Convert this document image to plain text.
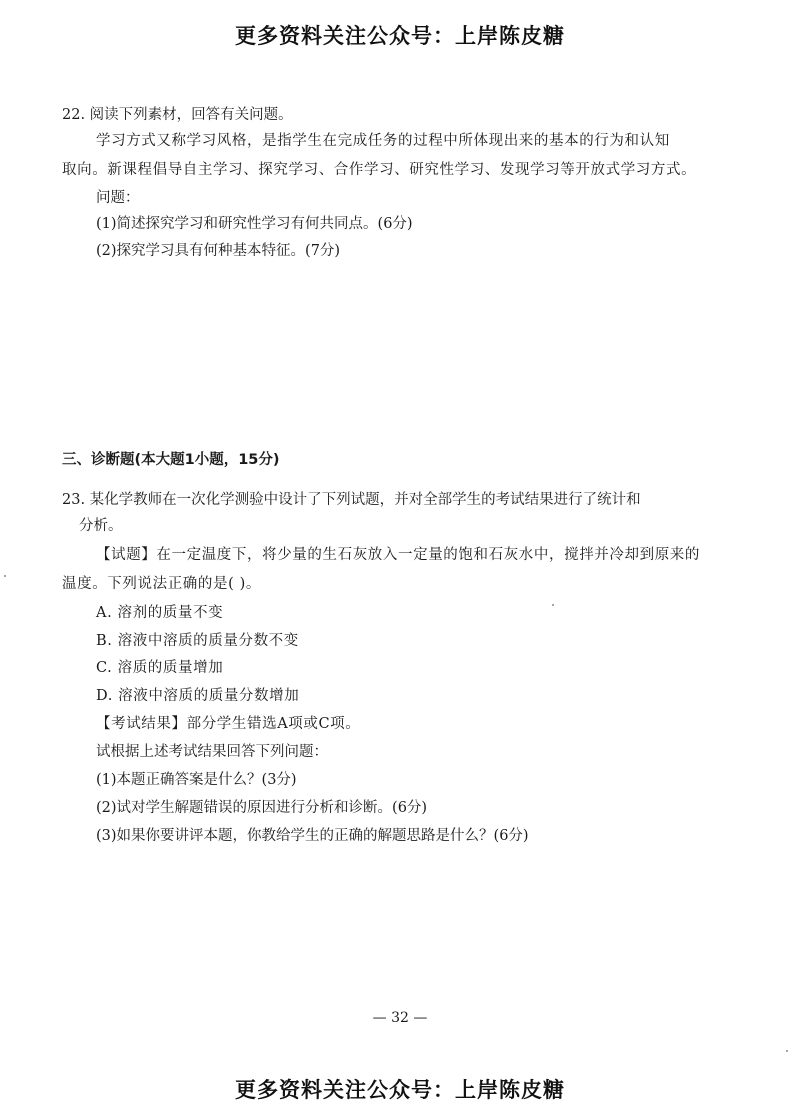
更多资料关注公众号：上岸陈皮糖
22. 阅读下列素材，回答有关问题。
学习方式又称学习风格，是指学生在完成任务的过程中所体现出来的基本的行为和认知
取向。新课程倡导自主学习、探究学习、合作学习、研究性学习、发现学习等开放式学习方式。
问题：
(1)简述探究学习和研究性学习有何共同点。(6分)
(2)探究学习具有何种基本特征。(7分)
三、诊断题(本大题1小题，15分)
23. 某化学教师在一次化学测验中设计了下列试题，并对全部学生的考试结果进行了统计和
分析。
【试题】在一定温度下，将少量的生石灰放入一定量的饱和石灰水中，搅拌并冷却到原来的
温度。下列说法正确的是( )。
A. 溶剂的质量不变
B. 溶液中溶质的质量分数不变
C. 溶质的质量增加
D. 溶液中溶质的质量分数增加
【考试结果】部分学生错选A项或C项。
试根据上述考试结果回答下列问题：
(1)本题正确答案是什么？(3分)
(2)试对学生解题错误的原因进行分析和诊断。(6分)
(3)如果你要讲评本题，你教给学生的正确的解题思路是什么？(6分)
— 32 —
更多资料关注公众号：上岸陈皮糖
